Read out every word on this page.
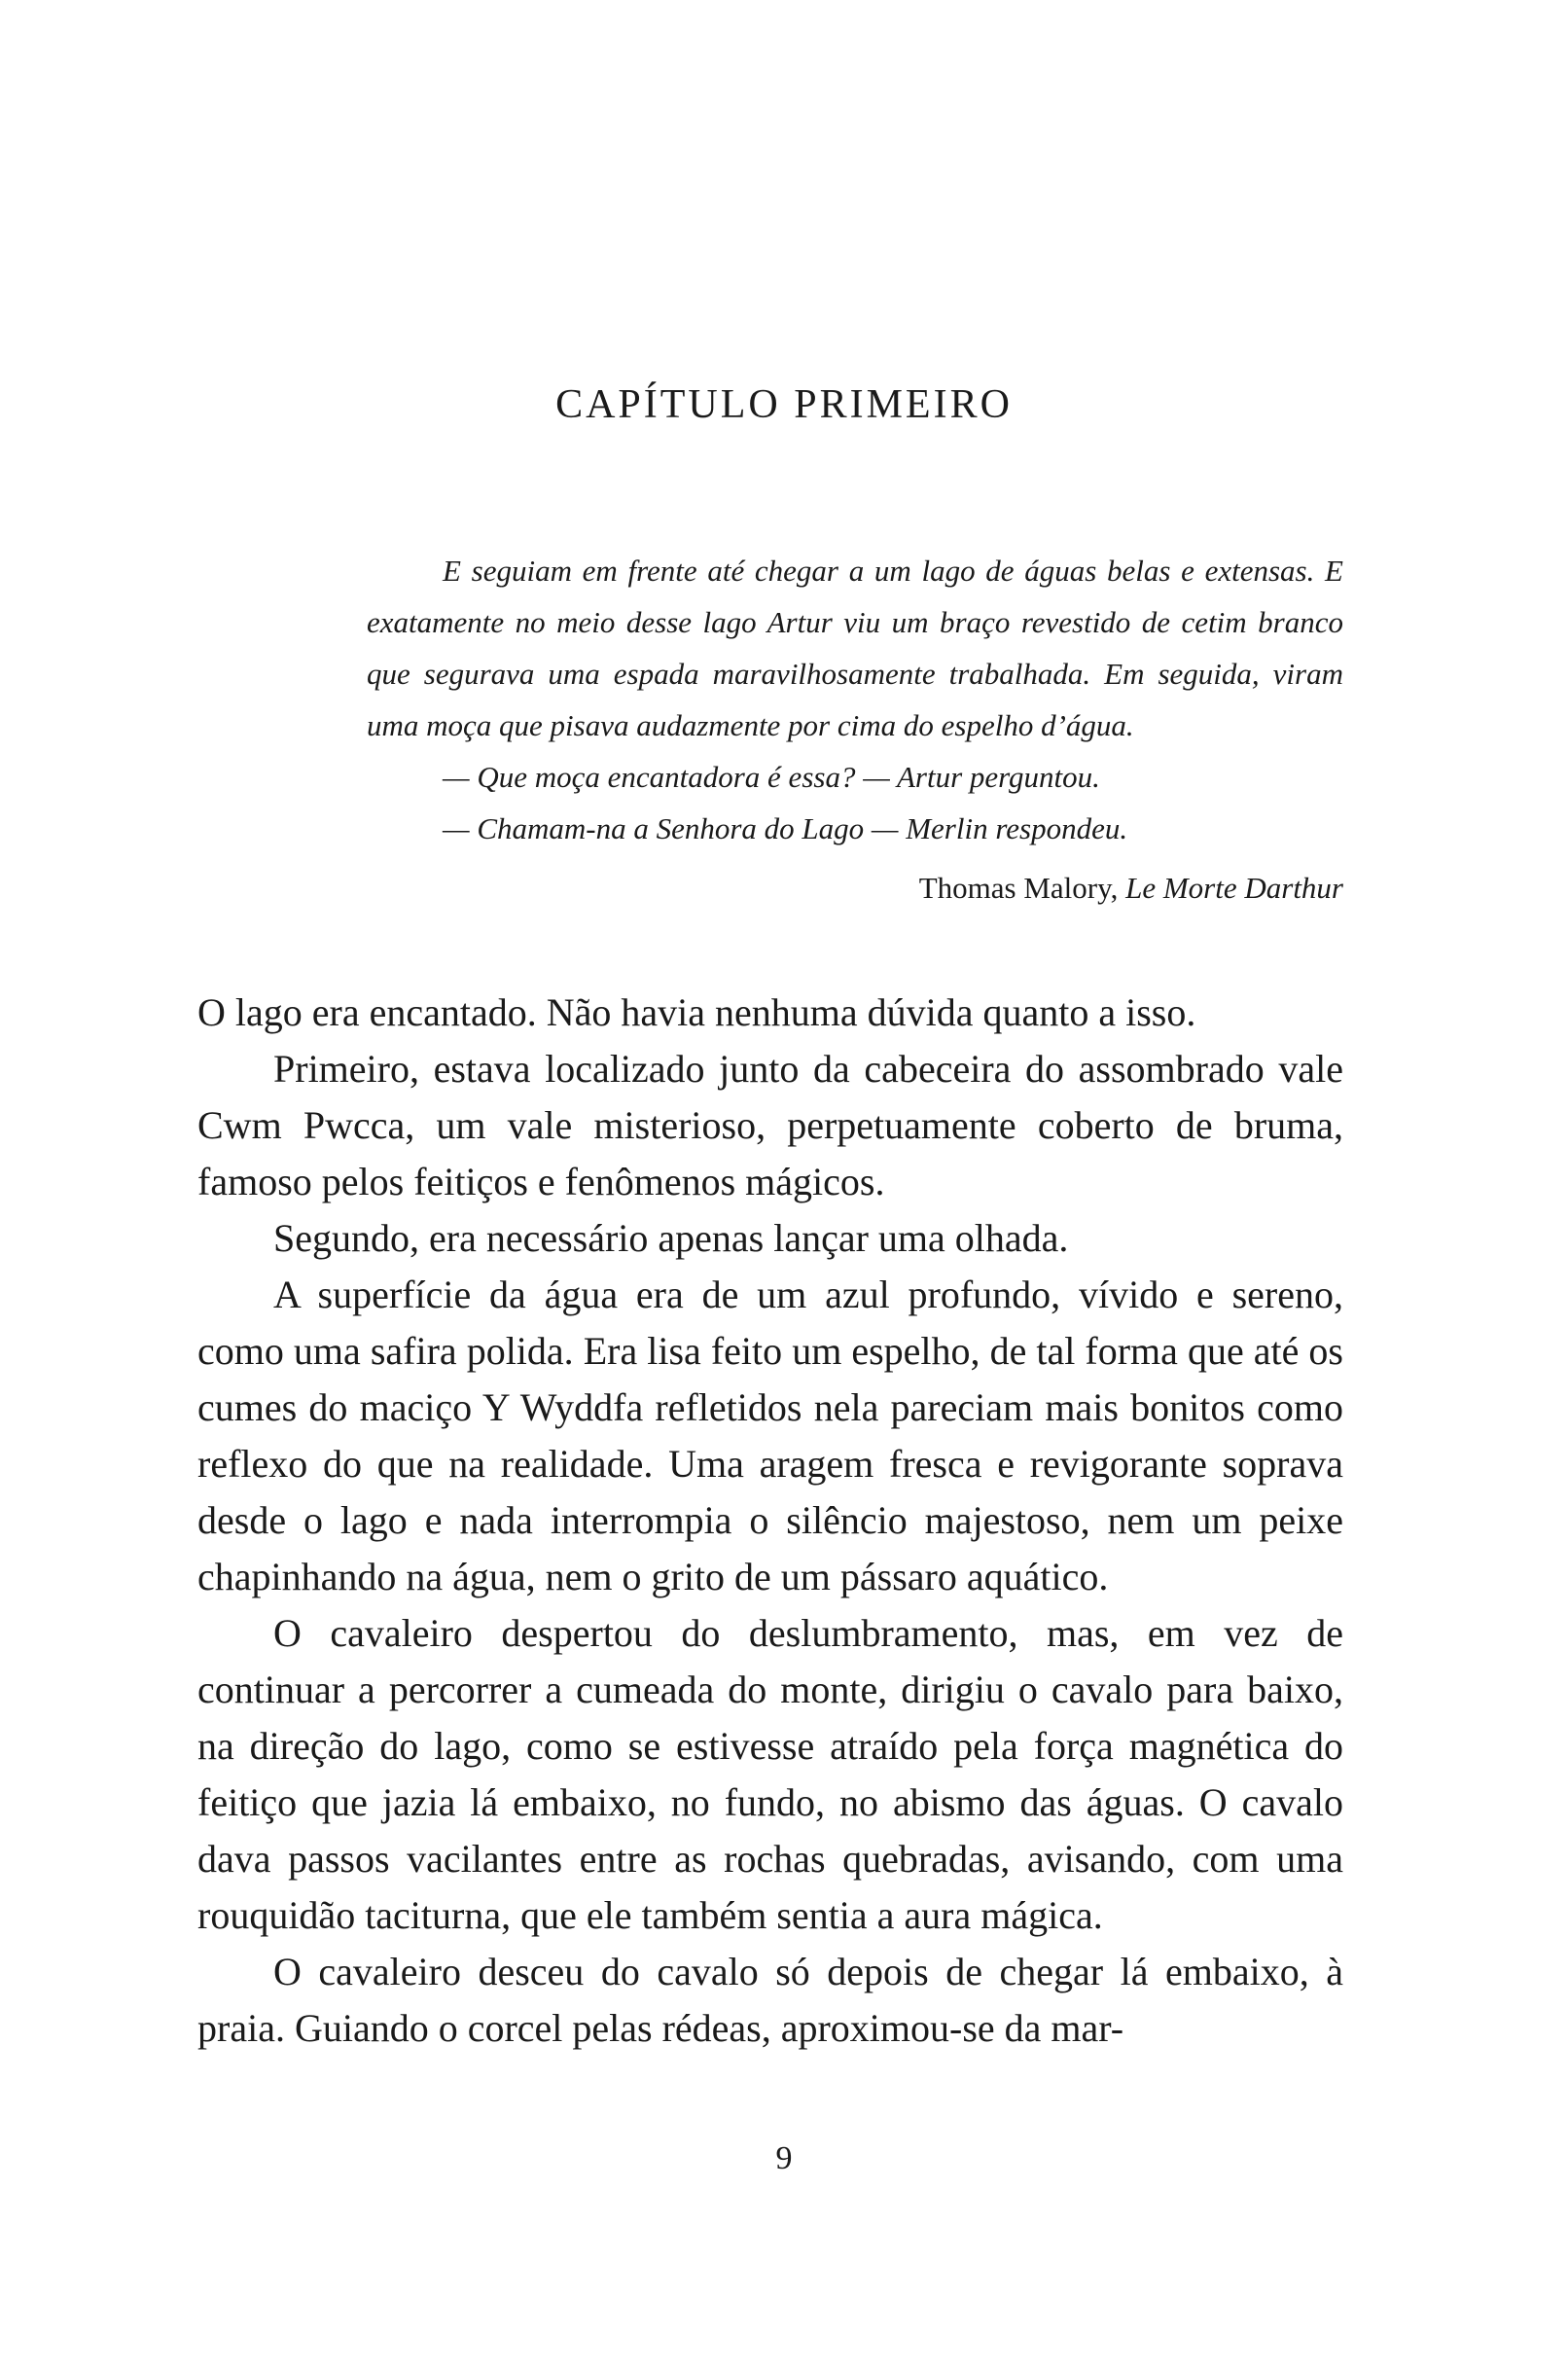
CAPÍTULO PRIMEIRO

E seguiam em frente até chegar a um lago de águas belas e extensas. E exatamente no meio desse lago Artur viu um braço revestido de cetim branco que segurava uma espada maravilhosamente trabalhada. Em seguida, viram uma moça que pisava audazmente por cima do espelho d’água.

— Que moça encantadora é essa? — Artur perguntou.

— Chamam-na a Senhora do Lago — Merlin respondeu.

Thomas Malory, Le Morte Darthur

O lago era encantado. Não havia nenhuma dúvida quanto a isso.

Primeiro, estava localizado junto da cabeceira do assombrado vale Cwm Pwcca, um vale misterioso, perpetuamente coberto de bruma, famoso pelos feitiços e fenômenos mágicos.

Segundo, era necessário apenas lançar uma olhada.

A superfície da água era de um azul profundo, vívido e sereno, como uma safira polida. Era lisa feito um espelho, de tal forma que até os cumes do maciço Y Wyddfa refletidos nela pareciam mais bonitos como reflexo do que na realidade. Uma aragem fresca e revigorante soprava desde o lago e nada interrompia o silêncio majestoso, nem um peixe chapinhando na água, nem o grito de um pássaro aquático.

O cavaleiro despertou do deslumbramento, mas, em vez de continuar a percorrer a cumeada do monte, dirigiu o cavalo para baixo, na direção do lago, como se estivesse atraído pela força magnética do feitiço que jazia lá embaixo, no fundo, no abismo das águas. O cavalo dava passos vacilantes entre as rochas quebradas, avisando, com uma rouquidão taciturna, que ele também sentia a aura mágica.

O cavaleiro desceu do cavalo só depois de chegar lá embaixo, à praia. Guiando o corcel pelas rédeas, aproximou-se da mar-

9
